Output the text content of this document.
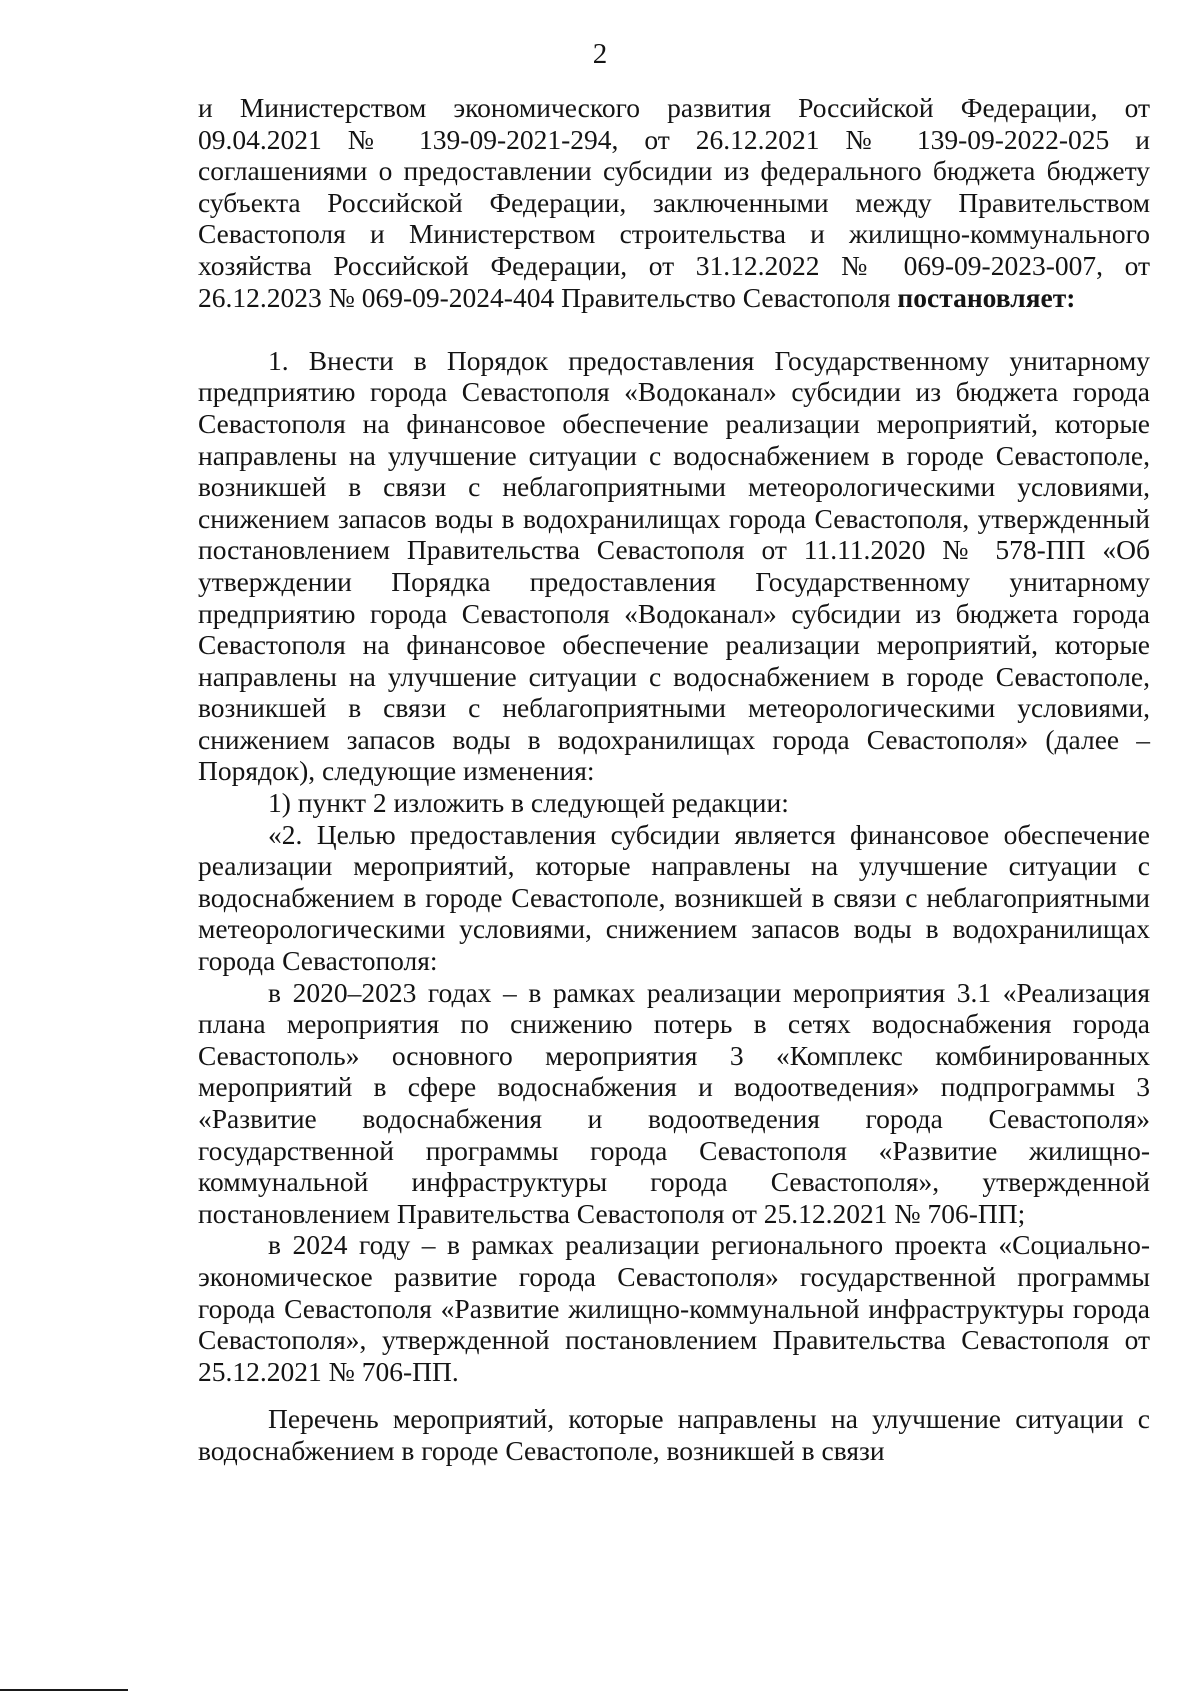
2

и Министерством экономического развития Российской Федерации, от 09.04.2021 № 139-09-2021-294, от 26.12.2021 № 139-09-2022-025 и соглашениями о предоставлении субсидии из федерального бюджета бюджету субъекта Российской Федерации, заключенными между Правительством Севастополя и Министерством строительства и жилищно-коммунального хозяйства Российской Федерации, от 31.12.2022 № 069-09-2023-007, от 26.12.2023 № 069-09-2024-404 Правительство Севастополя постановляет:

1. Внести в Порядок предоставления Государственному унитарному предприятию города Севастополя «Водоканал» субсидии из бюджета города Севастополя на финансовое обеспечение реализации мероприятий, которые направлены на улучшение ситуации с водоснабжением в городе Севастополе, возникшей в связи с неблагоприятными метеорологическими условиями, снижением запасов воды в водохранилищах города Севастополя, утвержденный постановлением Правительства Севастополя от 11.11.2020 № 578-ПП «Об утверждении Порядка предоставления Государственному унитарному предприятию города Севастополя «Водоканал» субсидии из бюджета города Севастополя на финансовое обеспечение реализации мероприятий, которые направлены на улучшение ситуации с водоснабжением в городе Севастополе, возникшей в связи с неблагоприятными метеорологическими условиями, снижением запасов воды в водохранилищах города Севастополя» (далее – Порядок), следующие изменения:

1) пункт 2 изложить в следующей редакции:

«2. Целью предоставления субсидии является финансовое обеспечение реализации мероприятий, которые направлены на улучшение ситуации с водоснабжением в городе Севастополе, возникшей в связи с неблагоприятными метеорологическими условиями, снижением запасов воды в водохранилищах города Севастополя:

в 2020–2023 годах – в рамках реализации мероприятия 3.1 «Реализация плана мероприятия по снижению потерь в сетях водоснабжения города Севастополь» основного мероприятия 3 «Комплекс комбинированных мероприятий в сфере водоснабжения и водоотведения» подпрограммы 3 «Развитие водоснабжения и водоотведения города Севастополя» государственной программы города Севастополя «Развитие жилищно-коммунальной инфраструктуры города Севастополя», утвержденной постановлением Правительства Севастополя от 25.12.2021 № 706-ПП;

в 2024 году – в рамках реализации регионального проекта «Социально-экономическое развитие города Севастополя» государственной программы города Севастополя «Развитие жилищно-коммунальной инфраструктуры города Севастополя», утвержденной постановлением Правительства Севастополя от 25.12.2021 № 706-ПП.

Перечень мероприятий, которые направлены на улучшение ситуации с водоснабжением в городе Севастополе, возникшей в связи
